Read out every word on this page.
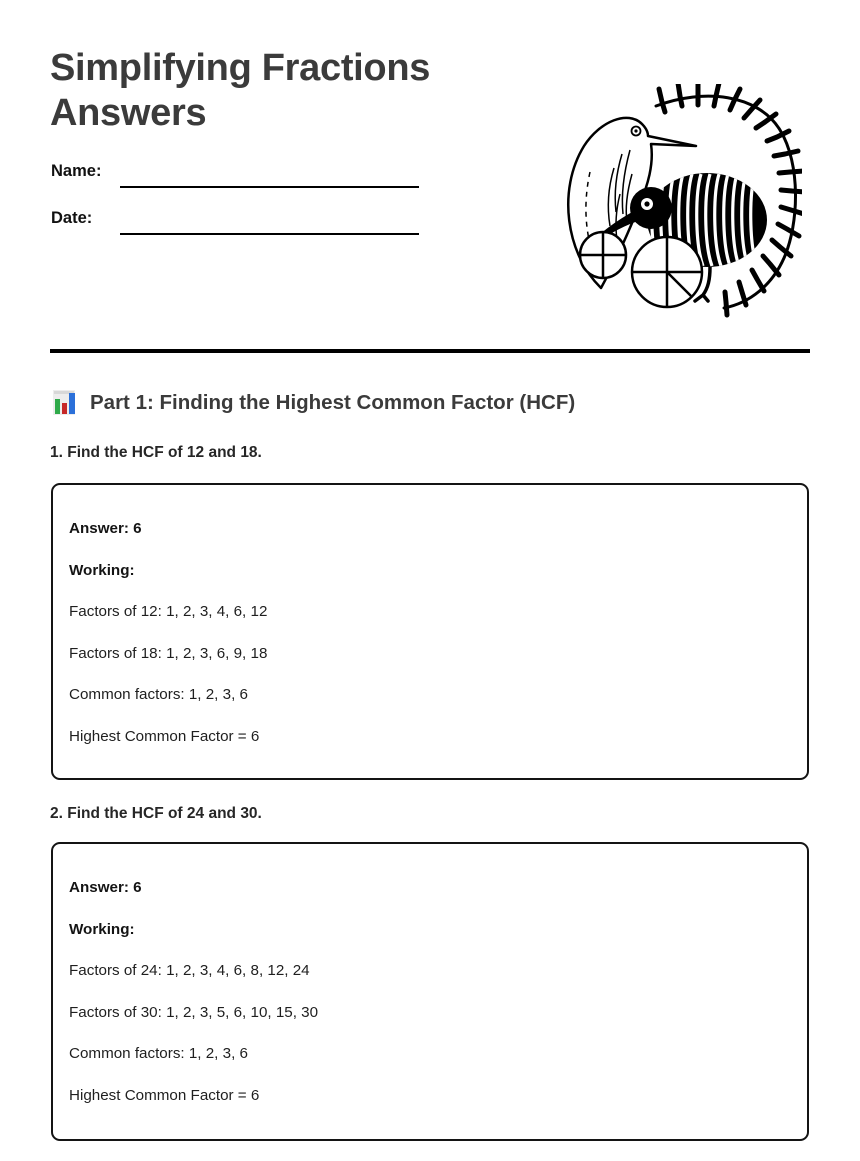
Simplifying Fractions Answers
Name:
Date:
Part 1: Finding the Highest Common Factor (HCF)

1. Find the HCF of 12 and 18.

Answer: 6

Working:

Factors of 12: 1, 2, 3, 4, 6, 12

Factors of 18: 1, 2, 3, 6, 9, 18

Common factors: 1, 2, 3, 6

Highest Common Factor = 6

2. Find the HCF of 24 and 30.

Answer: 6

Working:

Factors of 24: 1, 2, 3, 4, 6, 8, 12, 24

Factors of 30: 1, 2, 3, 5, 6, 10, 15, 30

Common factors: 1, 2, 3, 6

Highest Common Factor = 6
